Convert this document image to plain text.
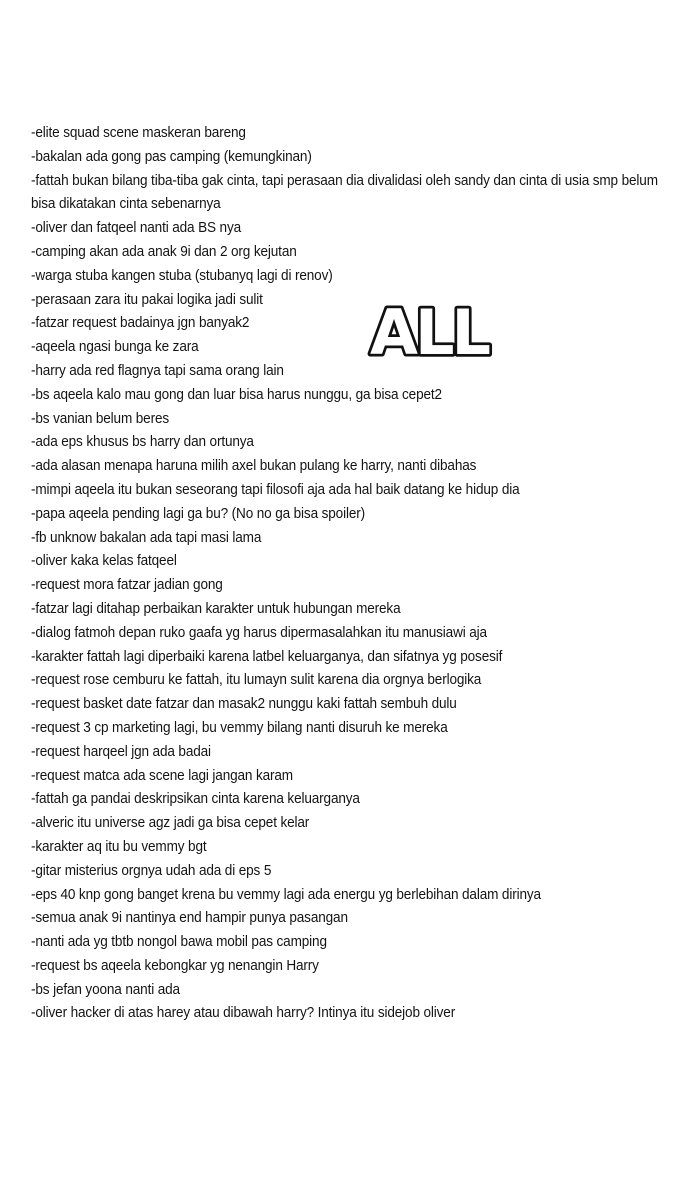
-elite squad scene maskeran bareng
-bakalan ada gong pas camping (kemungkinan)
-fattah bukan bilang tiba-tiba gak cinta, tapi perasaan dia divalidasi oleh sandy dan cinta di usia smp belum bisa dikatakan cinta sebenarnya
-oliver dan fatqeel nanti ada BS nya
-camping akan ada anak 9i dan 2 org kejutan
-warga stuba kangen stuba (stubanyq lagi di renov)
-perasaan zara itu pakai logika jadi sulit
-fatzar request badainya jgn banyak2
-aqeela ngasi bunga ke zara
-harry ada red flagnya tapi sama orang lain
-bs aqeela kalo mau gong dan luar bisa harus nunggu, ga bisa cepet2
-bs vanian belum beres
-ada eps khusus bs harry dan ortunya
-ada alasan menapa haruna milih axel bukan pulang ke harry, nanti dibahas
-mimpi aqeela itu bukan seseorang tapi filosofi aja ada hal baik datang ke hidup dia
-papa aqeela pending lagi ga bu? (No no ga bisa spoiler)
-fb unknow bakalan ada tapi masi lama
-oliver kaka kelas fatqeel
-request mora fatzar jadian gong
-fatzar lagi ditahap perbaikan karakter untuk hubungan mereka
-dialog fatmoh depan ruko gaafa yg harus dipermasalahkan itu manusiawi aja
-karakter fattah lagi diperbaiki karena latbel keluarganya, dan sifatnya yg posesif
-request rose cemburu ke fattah, itu lumayn sulit karena dia orgnya berlogika
-request basket date fatzar dan masak2 nunggu kaki fattah sembuh dulu
-request 3 cp marketing lagi, bu vemmy bilang nanti disuruh ke mereka
-request harqeel jgn ada badai
-request matca ada scene lagi jangan karam
-fattah ga pandai deskripsikan cinta karena keluarganya
-alveric itu universe agz jadi ga bisa cepet kelar
-karakter aq itu bu vemmy bgt
-gitar misterius orgnya udah ada di eps 5
-eps 40 knp gong banget krena bu vemmy lagi ada energu yg berlebihan dalam dirinya
-semua anak 9i nantinya end hampir punya pasangan
-nanti ada yg tbtb nongol bawa mobil pas camping
-request bs aqeela kebongkar yg nenangin Harry
-bs jefan yoona nanti ada
-oliver hacker di atas harey atau dibawah harry? Intinya itu sidejob oliver
ALL
